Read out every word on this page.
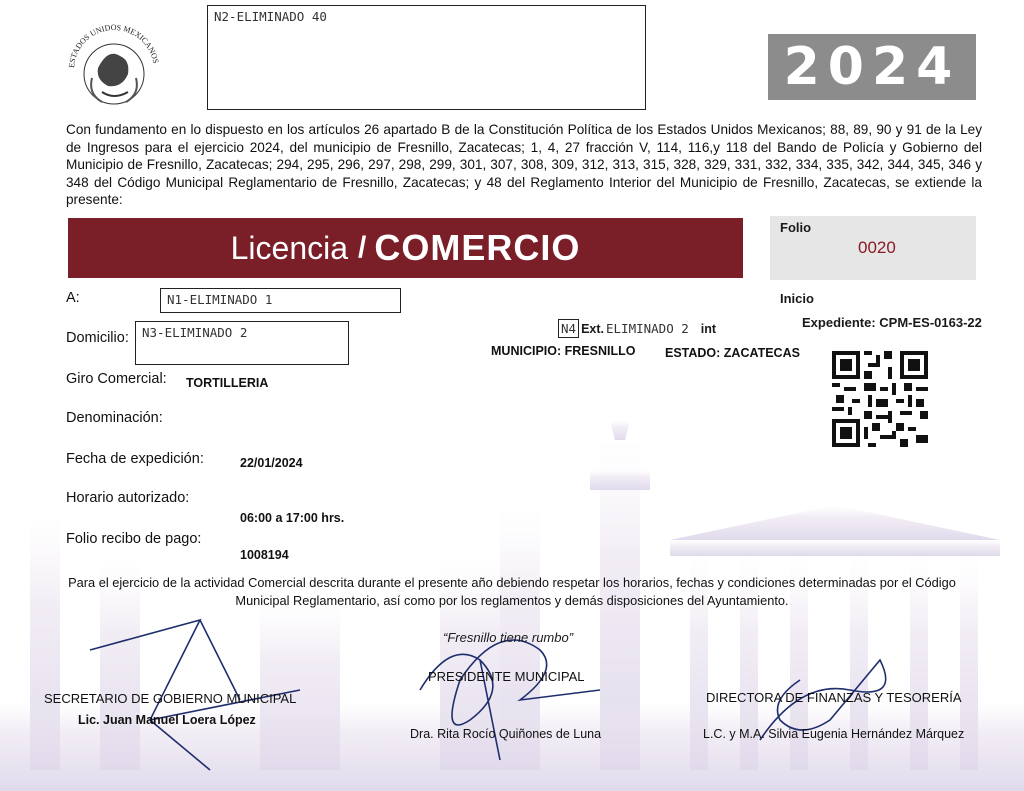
ESTADOS UNIDOS MEXICANOS
N2-ELIMINADO 40
2024
Con fundamento en lo dispuesto en los artículos 26 apartado B de la Constitución Política de los Estados Unidos Mexicanos; 88, 89, 90 y 91 de la Ley de Ingresos para el ejercicio 2024, del municipio de Fresnillo, Zacatecas; 1, 4, 27 fracción V, 114, 116,y 118 del Bando de Policía y Gobierno del Municipio de Fresnillo, Zacatecas; 294, 295, 296, 297, 298, 299, 301, 307, 308, 309, 312, 313, 315, 328, 329, 331, 332, 334, 335, 342, 344, 345, 346 y 348 del Código Municipal Reglamentario de Fresnillo, Zacatecas; y 48 del Reglamento Interior del Municipio de Fresnillo, Zacatecas, se extiende la presente:
Licencia / COMERCIO	Folio
0020
Inicio
Expediente: CPM-ES-0163-22
A:	N1-ELIMINADO 1
Domicilio:	N3-ELIMINADO 2	N4 Ext. ELIMINADO 2 int
MUNICIPIO: FRESNILLO ESTADO: ZACATECAS
Giro Comercial: TORTILLERIA
Denominación:
Fecha de expedición:	22/01/2024
Horario autorizado:
06:00 a 17:00 hrs.
Folio recibo de pago:
1008194
Para el ejercicio de la actividad Comercial descrita durante el presente año debiendo respetar los horarios, fechas y condiciones determinadas por el Código Municipal Reglamentario, así como por los reglamentos y demás disposiciones del Ayuntamiento.
SECRETARIO DE GOBIERNO MUNICIPAL
Lic. Juan Manuel Loera López
“Fresnillo tiene rumbo”
PRESIDENTE MUNICIPAL
Dra. Rita Rocío Quiñones de Luna
DIRECTORA DE FINANZAS Y TESORERÍA
L.C. y M.A. Silvia Eugenia Hernández Márquez
